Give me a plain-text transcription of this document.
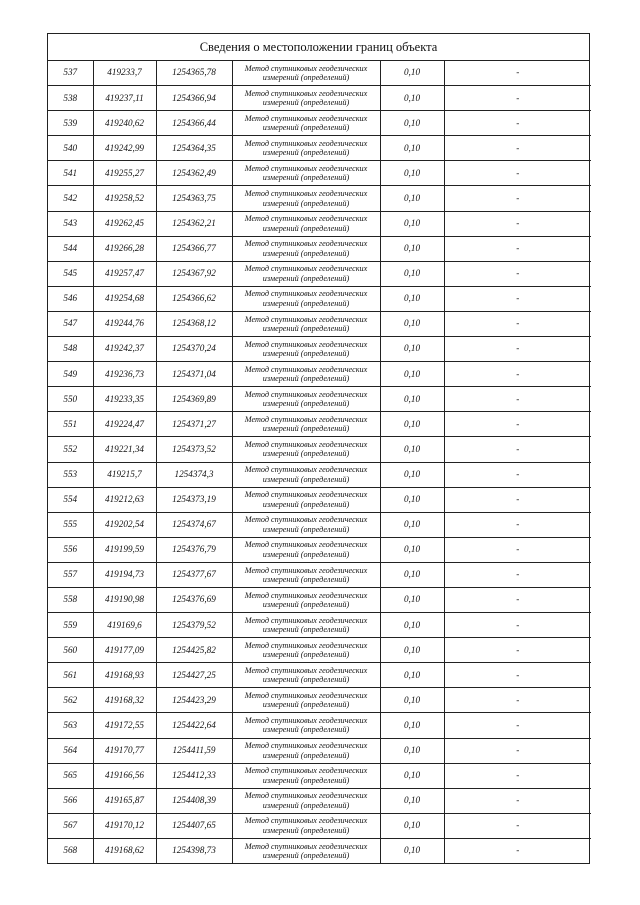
Сведения о местоположении границ объекта
537	419233,7	1254365,78	Метод спутниковых геодезических
измерений (определений)	0,10	-
538	419237,11	1254366,94	Метод спутниковых геодезических
измерений (определений)	0,10	-
539	419240,62	1254366,44	Метод спутниковых геодезических
измерений (определений)	0,10	-
540	419242,99	1254364,35	Метод спутниковых геодезических
измерений (определений)	0,10	-
541	419255,27	1254362,49	Метод спутниковых геодезических
измерений (определений)	0,10	-
542	419258,52	1254363,75	Метод спутниковых геодезических
измерений (определений)	0,10	-
543	419262,45	1254362,21	Метод спутниковых геодезических
измерений (определений)	0,10	-
544	419266,28	1254366,77	Метод спутниковых геодезических
измерений (определений)	0,10	-
545	419257,47	1254367,92	Метод спутниковых геодезических
измерений (определений)	0,10	-
546	419254,68	1254366,62	Метод спутниковых геодезических
измерений (определений)	0,10	-
547	419244,76	1254368,12	Метод спутниковых геодезических
измерений (определений)	0,10	-
548	419242,37	1254370,24	Метод спутниковых геодезических
измерений (определений)	0,10	-
549	419236,73	1254371,04	Метод спутниковых геодезических
измерений (определений)	0,10	-
550	419233,35	1254369,89	Метод спутниковых геодезических
измерений (определений)	0,10	-
551	419224,47	1254371,27	Метод спутниковых геодезических
измерений (определений)	0,10	-
552	419221,34	1254373,52	Метод спутниковых геодезических
измерений (определений)	0,10	-
553	419215,7	1254374,3	Метод спутниковых геодезических
измерений (определений)	0,10	-
554	419212,63	1254373,19	Метод спутниковых геодезических
измерений (определений)	0,10	-
555	419202,54	1254374,67	Метод спутниковых геодезических
измерений (определений)	0,10	-
556	419199,59	1254376,79	Метод спутниковых геодезических
измерений (определений)	0,10	-
557	419194,73	1254377,67	Метод спутниковых геодезических
измерений (определений)	0,10	-
558	419190,98	1254376,69	Метод спутниковых геодезических
измерений (определений)	0,10	-
559	419169,6	1254379,52	Метод спутниковых геодезических
измерений (определений)	0,10	-
560	419177,09	1254425,82	Метод спутниковых геодезических
измерений (определений)	0,10	-
561	419168,93	1254427,25	Метод спутниковых геодезических
измерений (определений)	0,10	-
562	419168,32	1254423,29	Метод спутниковых геодезических
измерений (определений)	0,10	-
563	419172,55	1254422,64	Метод спутниковых геодезических
измерений (определений)	0,10	-
564	419170,77	1254411,59	Метод спутниковых геодезических
измерений (определений)	0,10	-
565	419166,56	1254412,33	Метод спутниковых геодезических
измерений (определений)	0,10	-
566	419165,87	1254408,39	Метод спутниковых геодезических
измерений (определений)	0,10	-
567	419170,12	1254407,65	Метод спутниковых геодезических
измерений (определений)	0,10	-
568	419168,62	1254398,73	Метод спутниковых геодезических
измерений (определений)	0,10	-
